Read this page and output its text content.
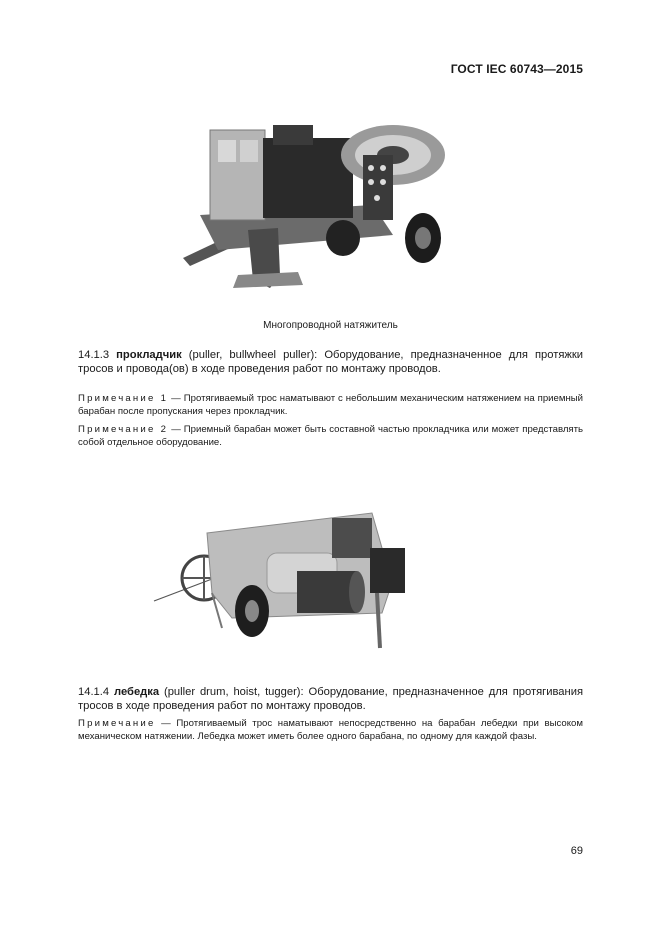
ГОСТ IEC 60743—2015
Многопроводной натяжитель
14.1.3 прокладчик (puller, bullwheel puller): Оборудование, предназначенное для протяжки тросов и провода(ов) в ходе проведения работ по монтажу проводов.
Примечание 1 — Протягиваемый трос наматывают с небольшим механическим натяжением на приемный барабан после пропускания через прокладчик.
Примечание 2 — Приемный барабан может быть составной частью прокладчика или может представлять собой отдельное оборудование.
14.1.4 лебедка (puller drum, hoist, tugger): Оборудование, предназначенное для протягивания тросов в ходе проведения работ по монтажу проводов.
Примечание — Протягиваемый трос наматывают непосредственно на барабан лебедки при высоком механическом натяжении. Лебедка может иметь более одного барабана, по одному для каждой фазы.
69
